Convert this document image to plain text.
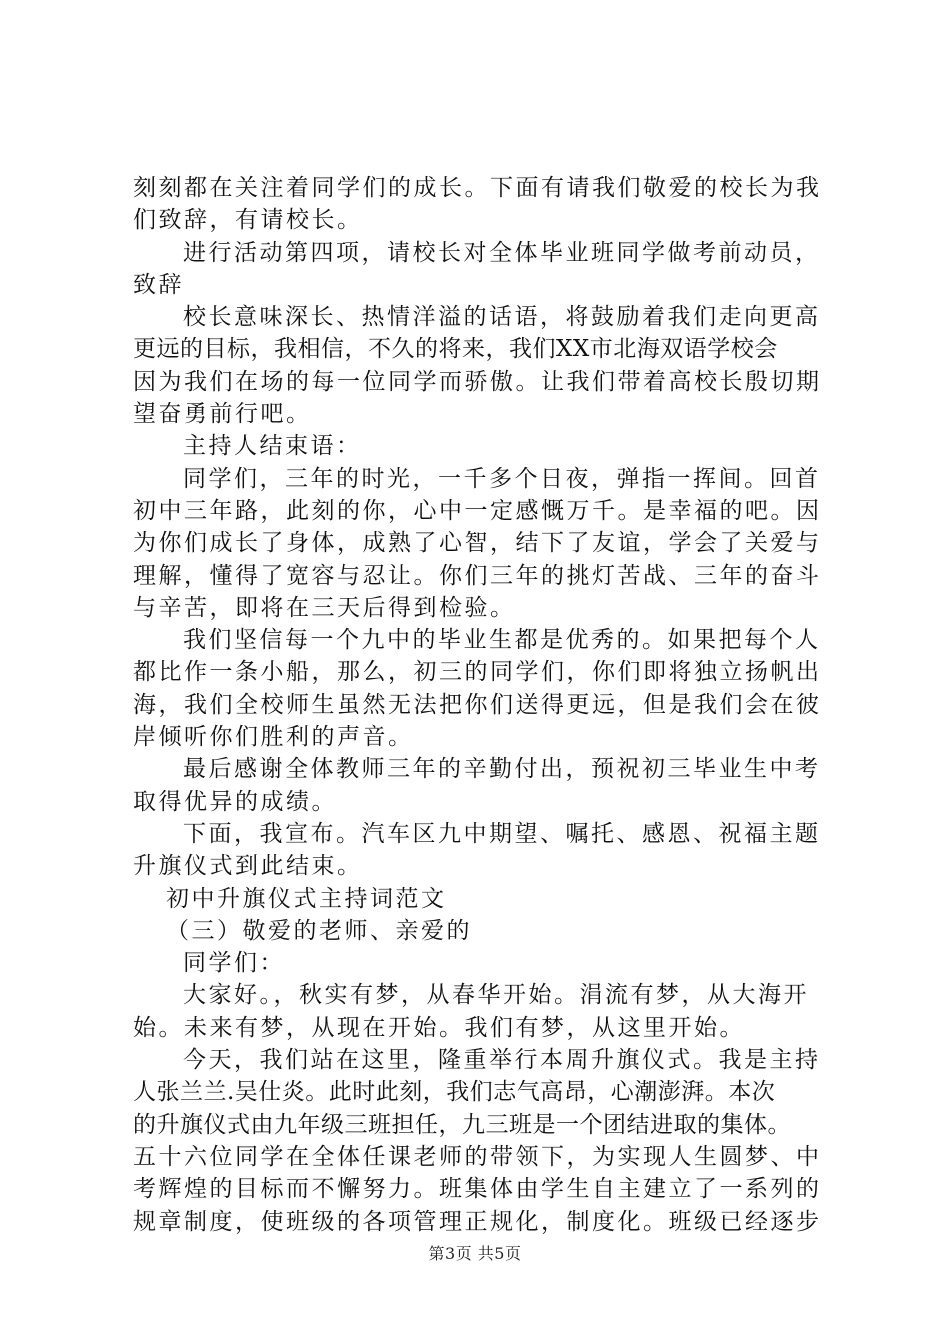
刻刻都在关注着同学们的成长。下面有请我们敬爱的校长为我
们致辞，有请校长。
进行活动第四项，请校长对全体毕业班同学做考前动员，
致辞
校长意味深长、热情洋溢的话语，将鼓励着我们走向更高
更远的目标，我相信，不久的将来，我们XX市北海双语学校会
因为我们在场的每一位同学而骄傲。让我们带着高校长殷切期
望奋勇前行吧。
主持人结束语：
同学们，三年的时光，一千多个日夜，弹指一挥间。回首
初中三年路，此刻的你，心中一定感慨万千。是幸福的吧。因
为你们成长了身体，成熟了心智，结下了友谊，学会了关爱与
理解，懂得了宽容与忍让。你们三年的挑灯苦战、三年的奋斗
与辛苦，即将在三天后得到检验。
我们坚信每一个九中的毕业生都是优秀的。如果把每个人
都比作一条小船，那么，初三的同学们，你们即将独立扬帆出
海，我们全校师生虽然无法把你们送得更远，但是我们会在彼
岸倾听你们胜利的声音。
最后感谢全体教师三年的辛勤付出，预祝初三毕业生中考
取得优异的成绩。
下面，我宣布。汽车区九中期望、嘱托、感恩、祝福主题
升旗仪式到此结束。
初中升旗仪式主持词范文
（三）敬爱的老师、亲爱的
同学们：
大家好。，秋实有梦，从春华开始。涓流有梦，从大海开
始。未来有梦，从现在开始。我们有梦，从这里开始。
今天，我们站在这里，隆重举行本周升旗仪式。我是主持
人张兰兰.吴仕炎。此时此刻，我们志气高昂，心潮澎湃。本次
的升旗仪式由九年级三班担任，九三班是一个团结进取的集体。
五十六位同学在全体任课老师的带领下，为实现人生圆梦、中
考辉煌的目标而不懈努力。班集体由学生自主建立了一系列的
规章制度，使班级的各项管理正规化，制度化。班级已经逐步
第3页 共5页
